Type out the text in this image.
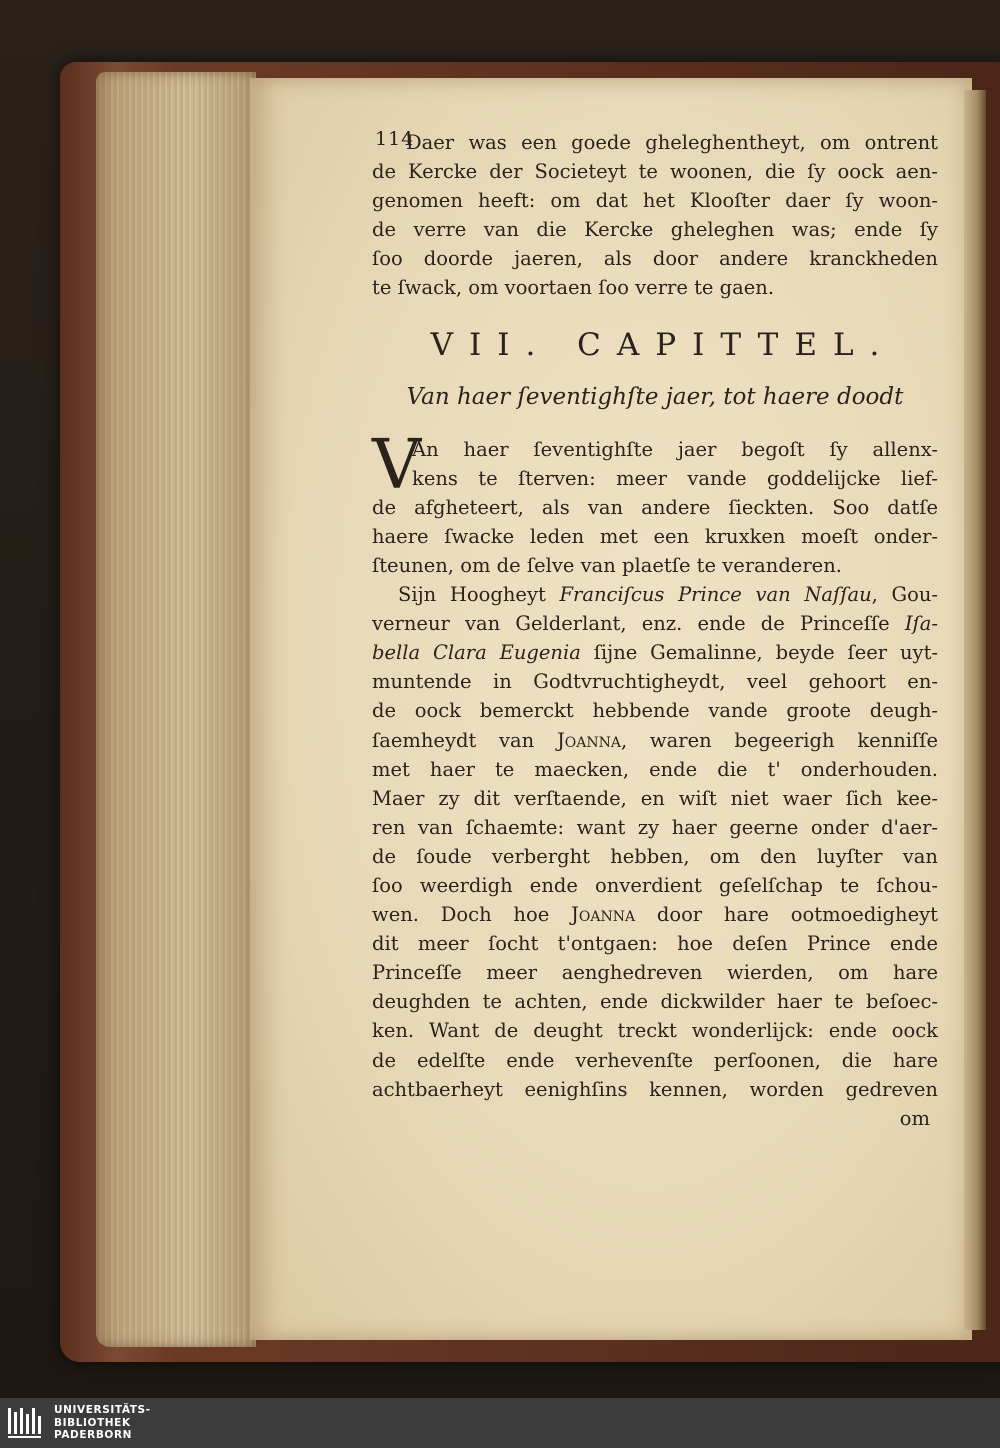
114
Daer was een goede gheleghentheyt, om ontrent
de Kercke der Societeyt te woonen, die ſy oock aen-
genomen heeft: om dat het Klooſter daer ſy woon-
de verre van die Kercke gheleghen was; ende ſy
ſoo doorde jaeren, als door andere kranckheden
te ſwack, om voortaen ſoo verre te gaen.
VII. CAPITTEL.
Van haer ſeventighſte jaer, tot haere doodt
V
An haer ſeventighſte jaer begoſt ſy allenx-
kens te ſterven: meer vande goddelijcke lief-
de afgheteert, als van andere ſieckten. Soo datſe
haere ſwacke leden met een kruxken moeſt onder-
ſteunen, om de ſelve van plaetſe te veranderen.
Sijn Hoogheyt Franciſcus Prince van Naſſau, Gou-
verneur van Gelderlant, enz. ende de Princeſſe Iſa-
bella Clara Eugenia ſijne Gemalinne, beyde ſeer uyt-
muntende in Godtvruchtigheydt, veel gehoort en-
de oock bemerckt hebbende vande groote deugh-
ſaemheydt van Joanna, waren begeerigh kenniſſe
met haer te maecken, ende die t' onderhouden.
Maer zy dit verſtaende, en wiſt niet waer ſich kee-
ren van ſchaemte: want zy haer geerne onder d'aer-
de ſoude verberght hebben, om den luyſter van
ſoo weerdigh ende onverdient geſelſchap te ſchou-
wen. Doch hoe Joanna door hare ootmoedigheyt
dit meer ſocht t'ontgaen: hoe deſen Prince ende
Princeſſe meer aenghedreven wierden, om hare
deughden te achten, ende dickwilder haer te beſoec-
ken. Want de deught treckt wonderlijck: ende oock
de edelſte ende verhevenſte perſoonen, die hare
achtbaerheyt eenighſins kennen, worden gedreven
om
UNIVERSITÄTS-
BIBLIOTHEK
PADERBORN
